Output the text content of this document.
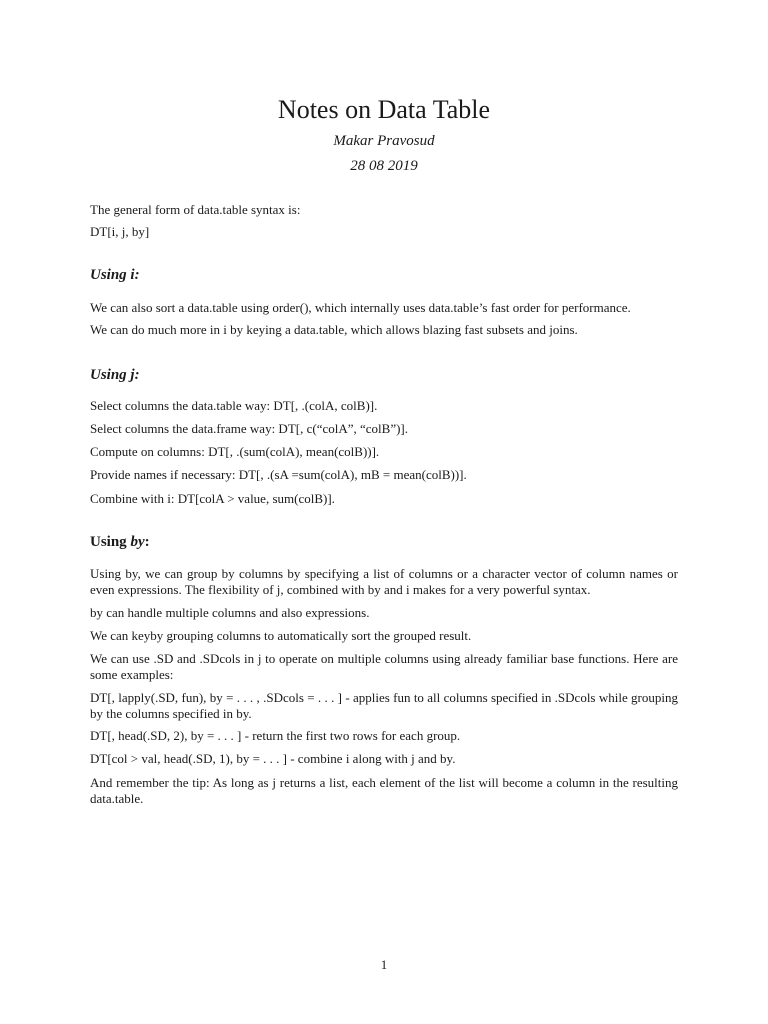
Notes on Data Table
Makar Pravosud
28 08 2019
The general form of data.table syntax is:
DT[i, j, by]
Using i:
We can also sort a data.table using order(), which internally uses data.table’s fast order for performance.
We can do much more in i by keying a data.table, which allows blazing fast subsets and joins.
Using j:
Select columns the data.table way: DT[, .(colA, colB)].
Select columns the data.frame way: DT[, c(“colA”, “colB”)].
Compute on columns: DT[, .(sum(colA), mean(colB))].
Provide names if necessary: DT[, .(sA =sum(colA), mB = mean(colB))].
Combine with i: DT[colA > value, sum(colB)].
Using by:
Using by, we can group by columns by specifying a list of columns or a character vector of column names or even expressions. The flexibility of j, combined with by and i makes for a very powerful syntax.
by can handle multiple columns and also expressions.
We can keyby grouping columns to automatically sort the grouped result.
We can use .SD and .SDcols in j to operate on multiple columns using already familiar base functions. Here are some examples:
DT[, lapply(.SD, fun), by = . . . , .SDcols = . . . ] - applies fun to all columns specified in .SDcols while grouping by the columns specified in by.
DT[, head(.SD, 2), by = . . . ] - return the first two rows for each group.
DT[col > val, head(.SD, 1), by = . . . ] - combine i along with j and by.
And remember the tip: As long as j returns a list, each element of the list will become a column in the resulting data.table.
1
